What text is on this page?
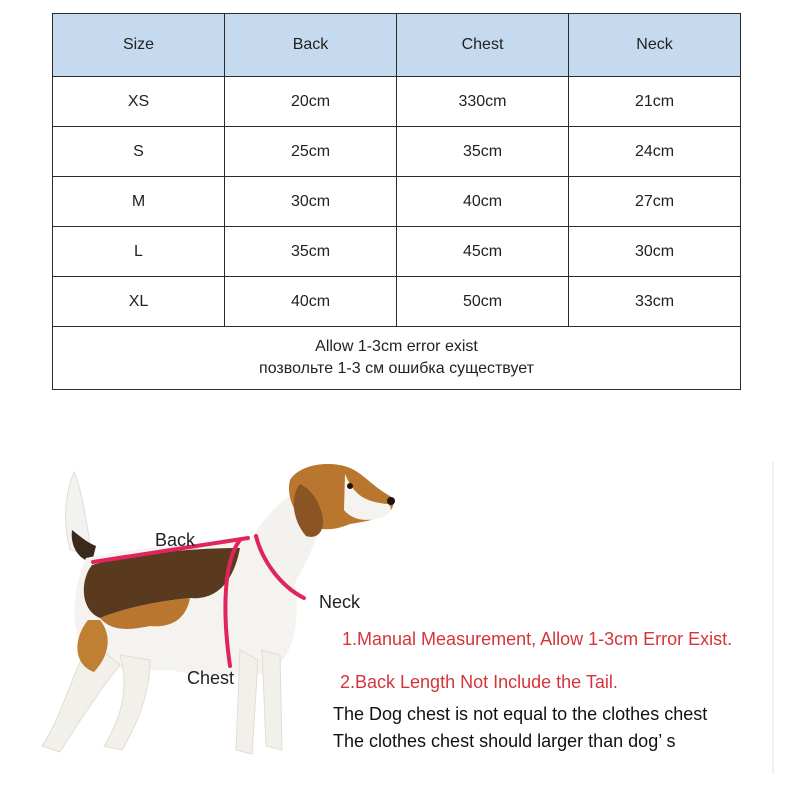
Size	Back	Chest	Neck
XS	20cm	330cm	21cm
S	25cm	35cm	24cm
M	30cm	40cm	27cm
L	35cm	45cm	30cm
XL	40cm	50cm	33cm

Allow 1-3cm error exist
позвольте 1-3 см ошибка существует			
Back
Neck
Chest
1.Manual Measurement, Allow 1-3cm Error Exist.
2.Back Length Not Include the Tail.
The Dog chest is not equal to the clothes chest
The clothes chest should larger than dog’ s
